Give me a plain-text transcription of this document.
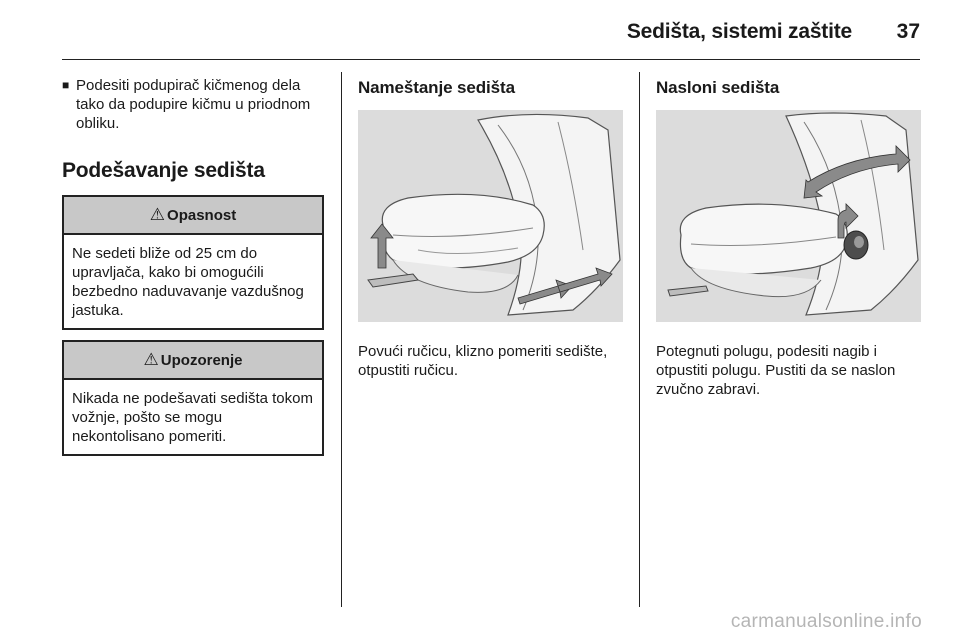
Sedišta, sistemi zaštite 37
■ Podesiti podupirač kičmenog dela tako da podupire kičmu u priodnom obliku.
Podešavanje sedišta
⚠ Opasnost
Ne sedeti bliže od 25 cm do upravljača, kako bi omogućili bezbedno naduvavanje vazdušnog jastuka.
⚠ Upozorenje
Nikada ne podešavati sedišta tokom vožnje, pošto se mogu nekontolisano pomeriti.
Nameštanje sedišta
Povući ručicu, klizno pomeriti sedište, otpustiti ručicu.
Nasloni sedišta
Potegnuti polugu, podesiti nagib i otpustiti polugu. Pustiti da se naslon zvučno zabravi.
carmanualsonline.info
